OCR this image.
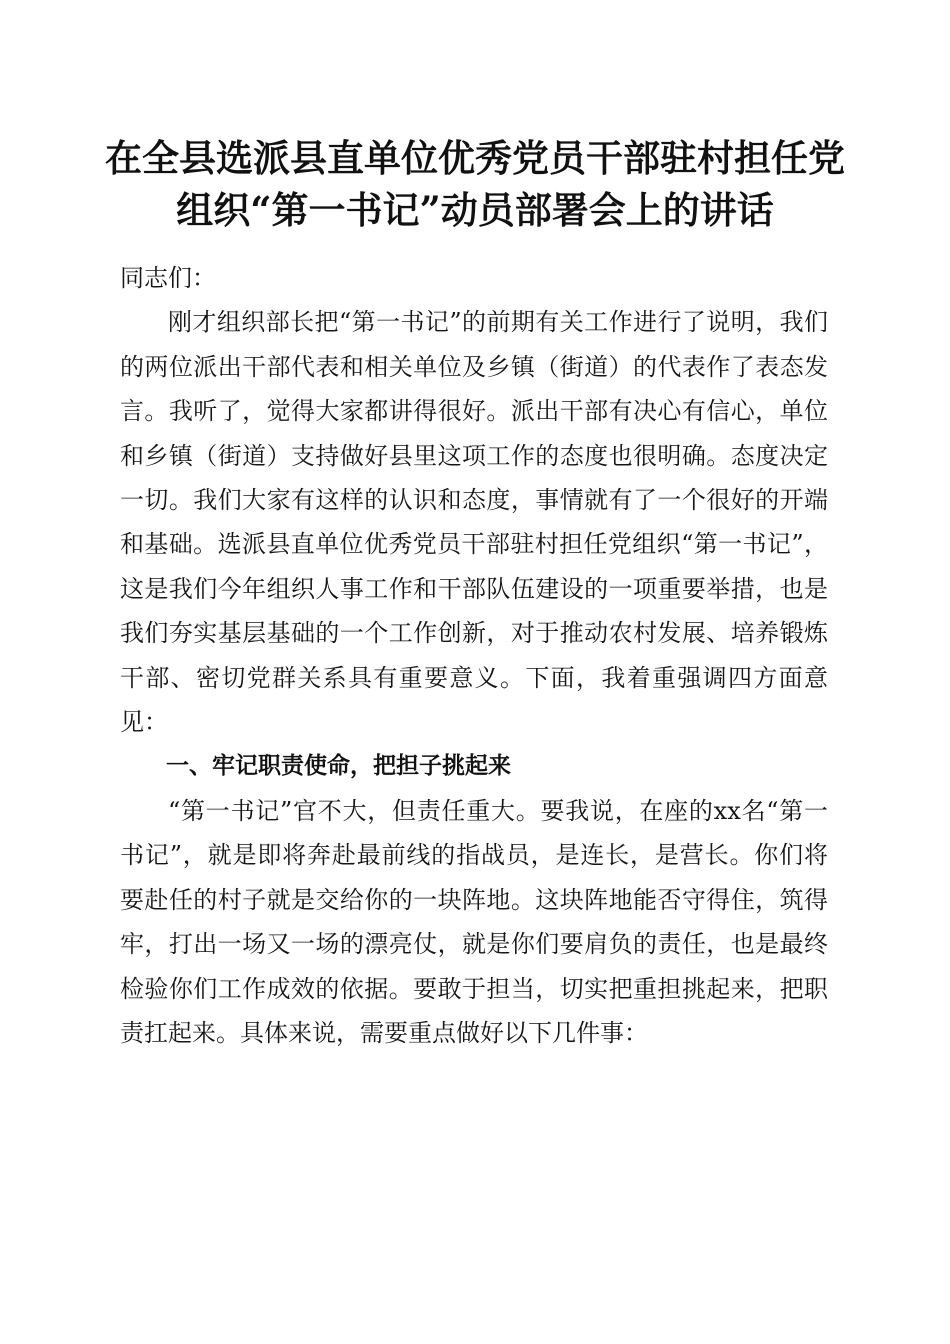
在全县选派县直单位优秀党员干部驻村担任党
组织“第一书记”动员部署会上的讲话

同志们：

刚才组织部长把“第一书记”的前期有关工作进行了说明，我们的两位派出干部代表和相关单位及乡镇（街道）的代表作了表态发言。我听了，觉得大家都讲得很好。派出干部有决心有信心，单位和乡镇（街道）支持做好县里这项工作的态度也很明确。态度决定一切。我们大家有这样的认识和态度，事情就有了一个很好的开端和基础。选派县直单位优秀党员干部驻村担任党组织“第一书记”，这是我们今年组织人事工作和干部队伍建设的一项重要举措，也是我们夯实基层基础的一个工作创新，对于推动农村发展、培养锻炼干部、密切党群关系具有重要意义。下面，我着重强调四方面意见：

一、牢记职责使命，把担子挑起来

“第一书记”官不大，但责任重大。要我说，在座的xx名“第一书记”，就是即将奔赴最前线的指战员，是连长，是营长。你们将要赴任的村子就是交给你的一块阵地。这块阵地能否守得住，筑得牢，打出一场又一场的漂亮仗，就是你们要肩负的责任，也是最终检验你们工作成效的依据。要敢于担当，切实把重担挑起来，把职责扛起来。具体来说，需要重点做好以下几件事：
